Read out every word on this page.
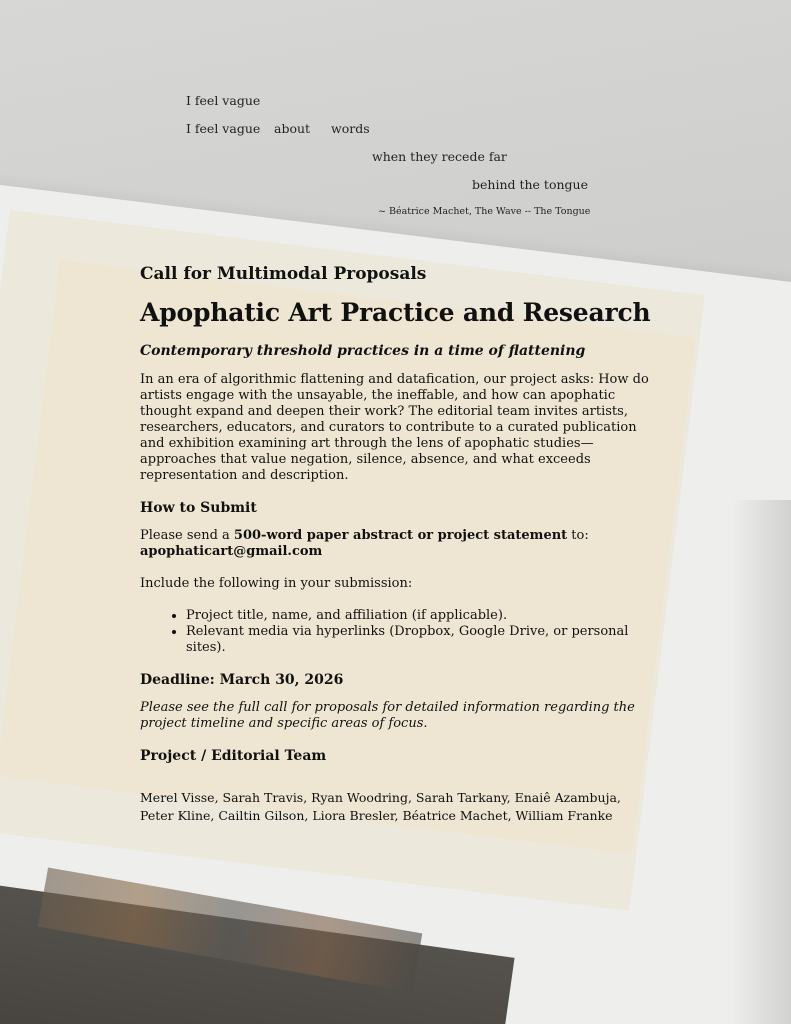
I feel vague
I feel vague about words
when they recede far
behind the tongue
~ Béatrice Machet, The Wave -- The Tongue
Call for Multimodal Proposals
Apophatic Art Practice and Research
Contemporary threshold practices in a time of flattening

In an era of algorithmic flattening and datafication, our project asks: How do artists engage with the unsayable, the ineffable, and how can apophatic thought expand and deepen their work? The editorial team invites artists, researchers, educators, and curators to contribute to a curated publication and exhibition examining art through the lens of apophatic studies—approaches that value negation, silence, absence, and what exceeds representation and description.

How to Submit

Please send a 500-word paper abstract or project statement to:
apophaticart@gmail.com

Include the following in your submission:

• Project title, name, and affiliation (if applicable).
• Relevant media via hyperlinks (Dropbox, Google Drive, or personal sites).
Deadline: March 30, 2026

Please see the full call for proposals for detailed information regarding the project timeline and specific areas of focus.

Project / Editorial Team
Merel Visse, Sarah Travis, Ryan Woodring, Sarah Tarkany, Enaiê Azambuja,
Peter Kline, Cailtin Gilson, Liora Bresler, Béatrice Machet, William Franke
